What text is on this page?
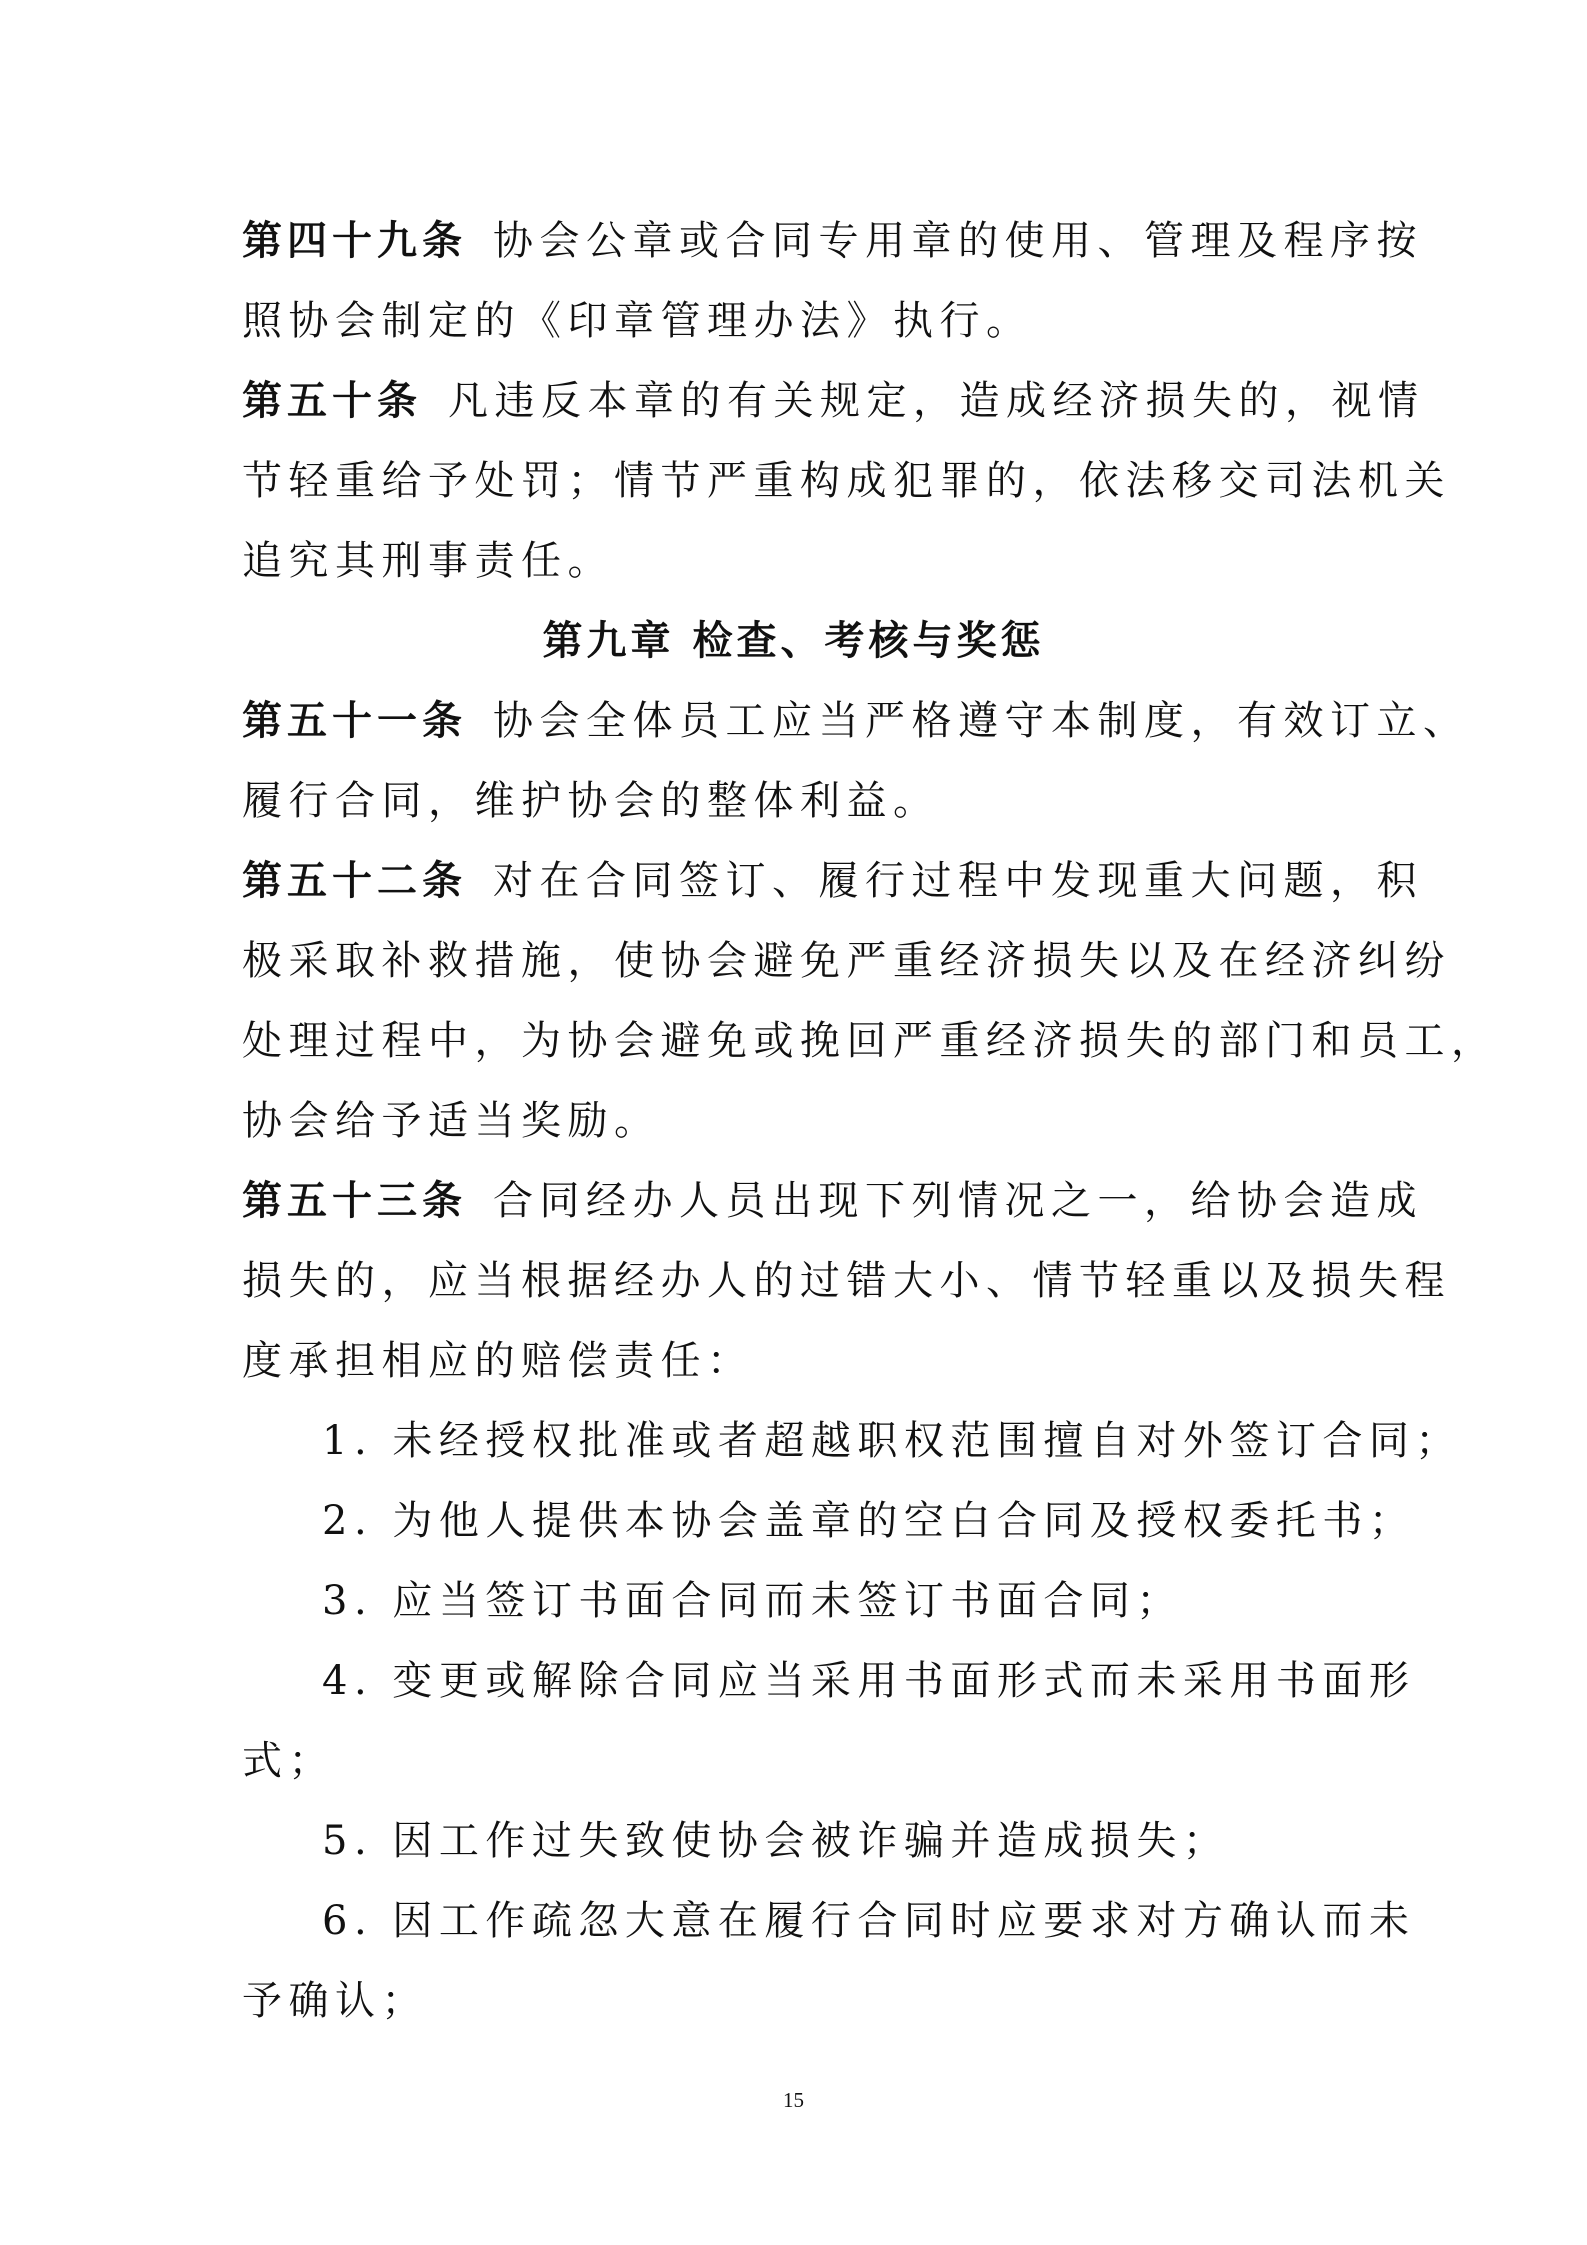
第四十九条 协会公章或合同专用章的使用、管理及程序按
照协会制定的《印章管理办法》执行。
第五十条 凡违反本章的有关规定，造成经济损失的，视情
节轻重给予处罚；情节严重构成犯罪的，依法移交司法机关
追究其刑事责任。
第九章 检查、考核与奖惩
第五十一条 协会全体员工应当严格遵守本制度，有效订立、
履行合同，维护协会的整体利益。
第五十二条 对在合同签订、履行过程中发现重大问题，积
极采取补救措施，使协会避免严重经济损失以及在经济纠纷
处理过程中，为协会避免或挽回严重经济损失的部门和员工，
协会给予适当奖励。
第五十三条 合同经办人员出现下列情况之一，给协会造成
损失的，应当根据经办人的过错大小、情节轻重以及损失程
度承担相应的赔偿责任：
1. 未经授权批准或者超越职权范围擅自对外签订合同；
2. 为他人提供本协会盖章的空白合同及授权委托书；
3. 应当签订书面合同而未签订书面合同；
4. 变更或解除合同应当采用书面形式而未采用书面形
式；
5. 因工作过失致使协会被诈骗并造成损失；
6. 因工作疏忽大意在履行合同时应要求对方确认而未
予确认；
15
